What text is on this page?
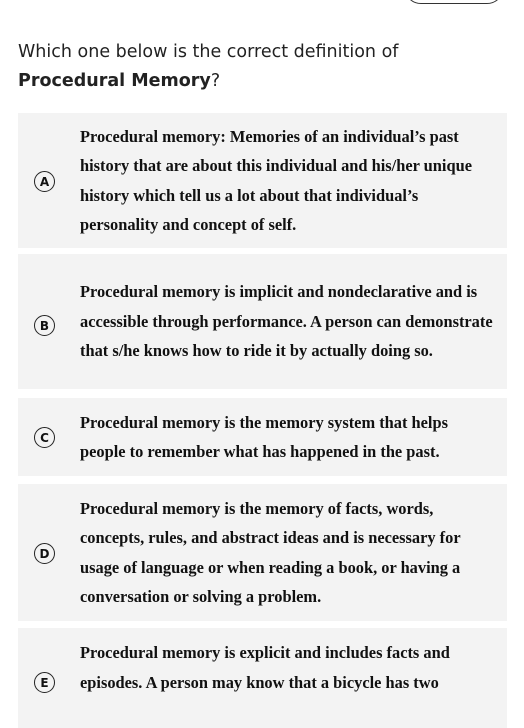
Which one below is the correct definition of Procedural Memory?
A
Procedural memory: Memories of an individual’s past history that are about this individual and his/her unique history which tell us a lot about that individual’s personality and concept of self.
B
Procedural memory is implicit and nondeclarative and is accessible through performance. A person can demonstrate that s/he knows how to ride it by actually doing so.
C
Procedural memory is the memory system that helps people to remember what has happened in the past.
D
Procedural memory is the memory of facts, words, concepts, rules, and abstract ideas and is necessary for usage of language or when reading a book, or having a conversation or solving a problem.
E
Procedural memory is explicit and includes facts and episodes. A person may know that a bicycle has two
